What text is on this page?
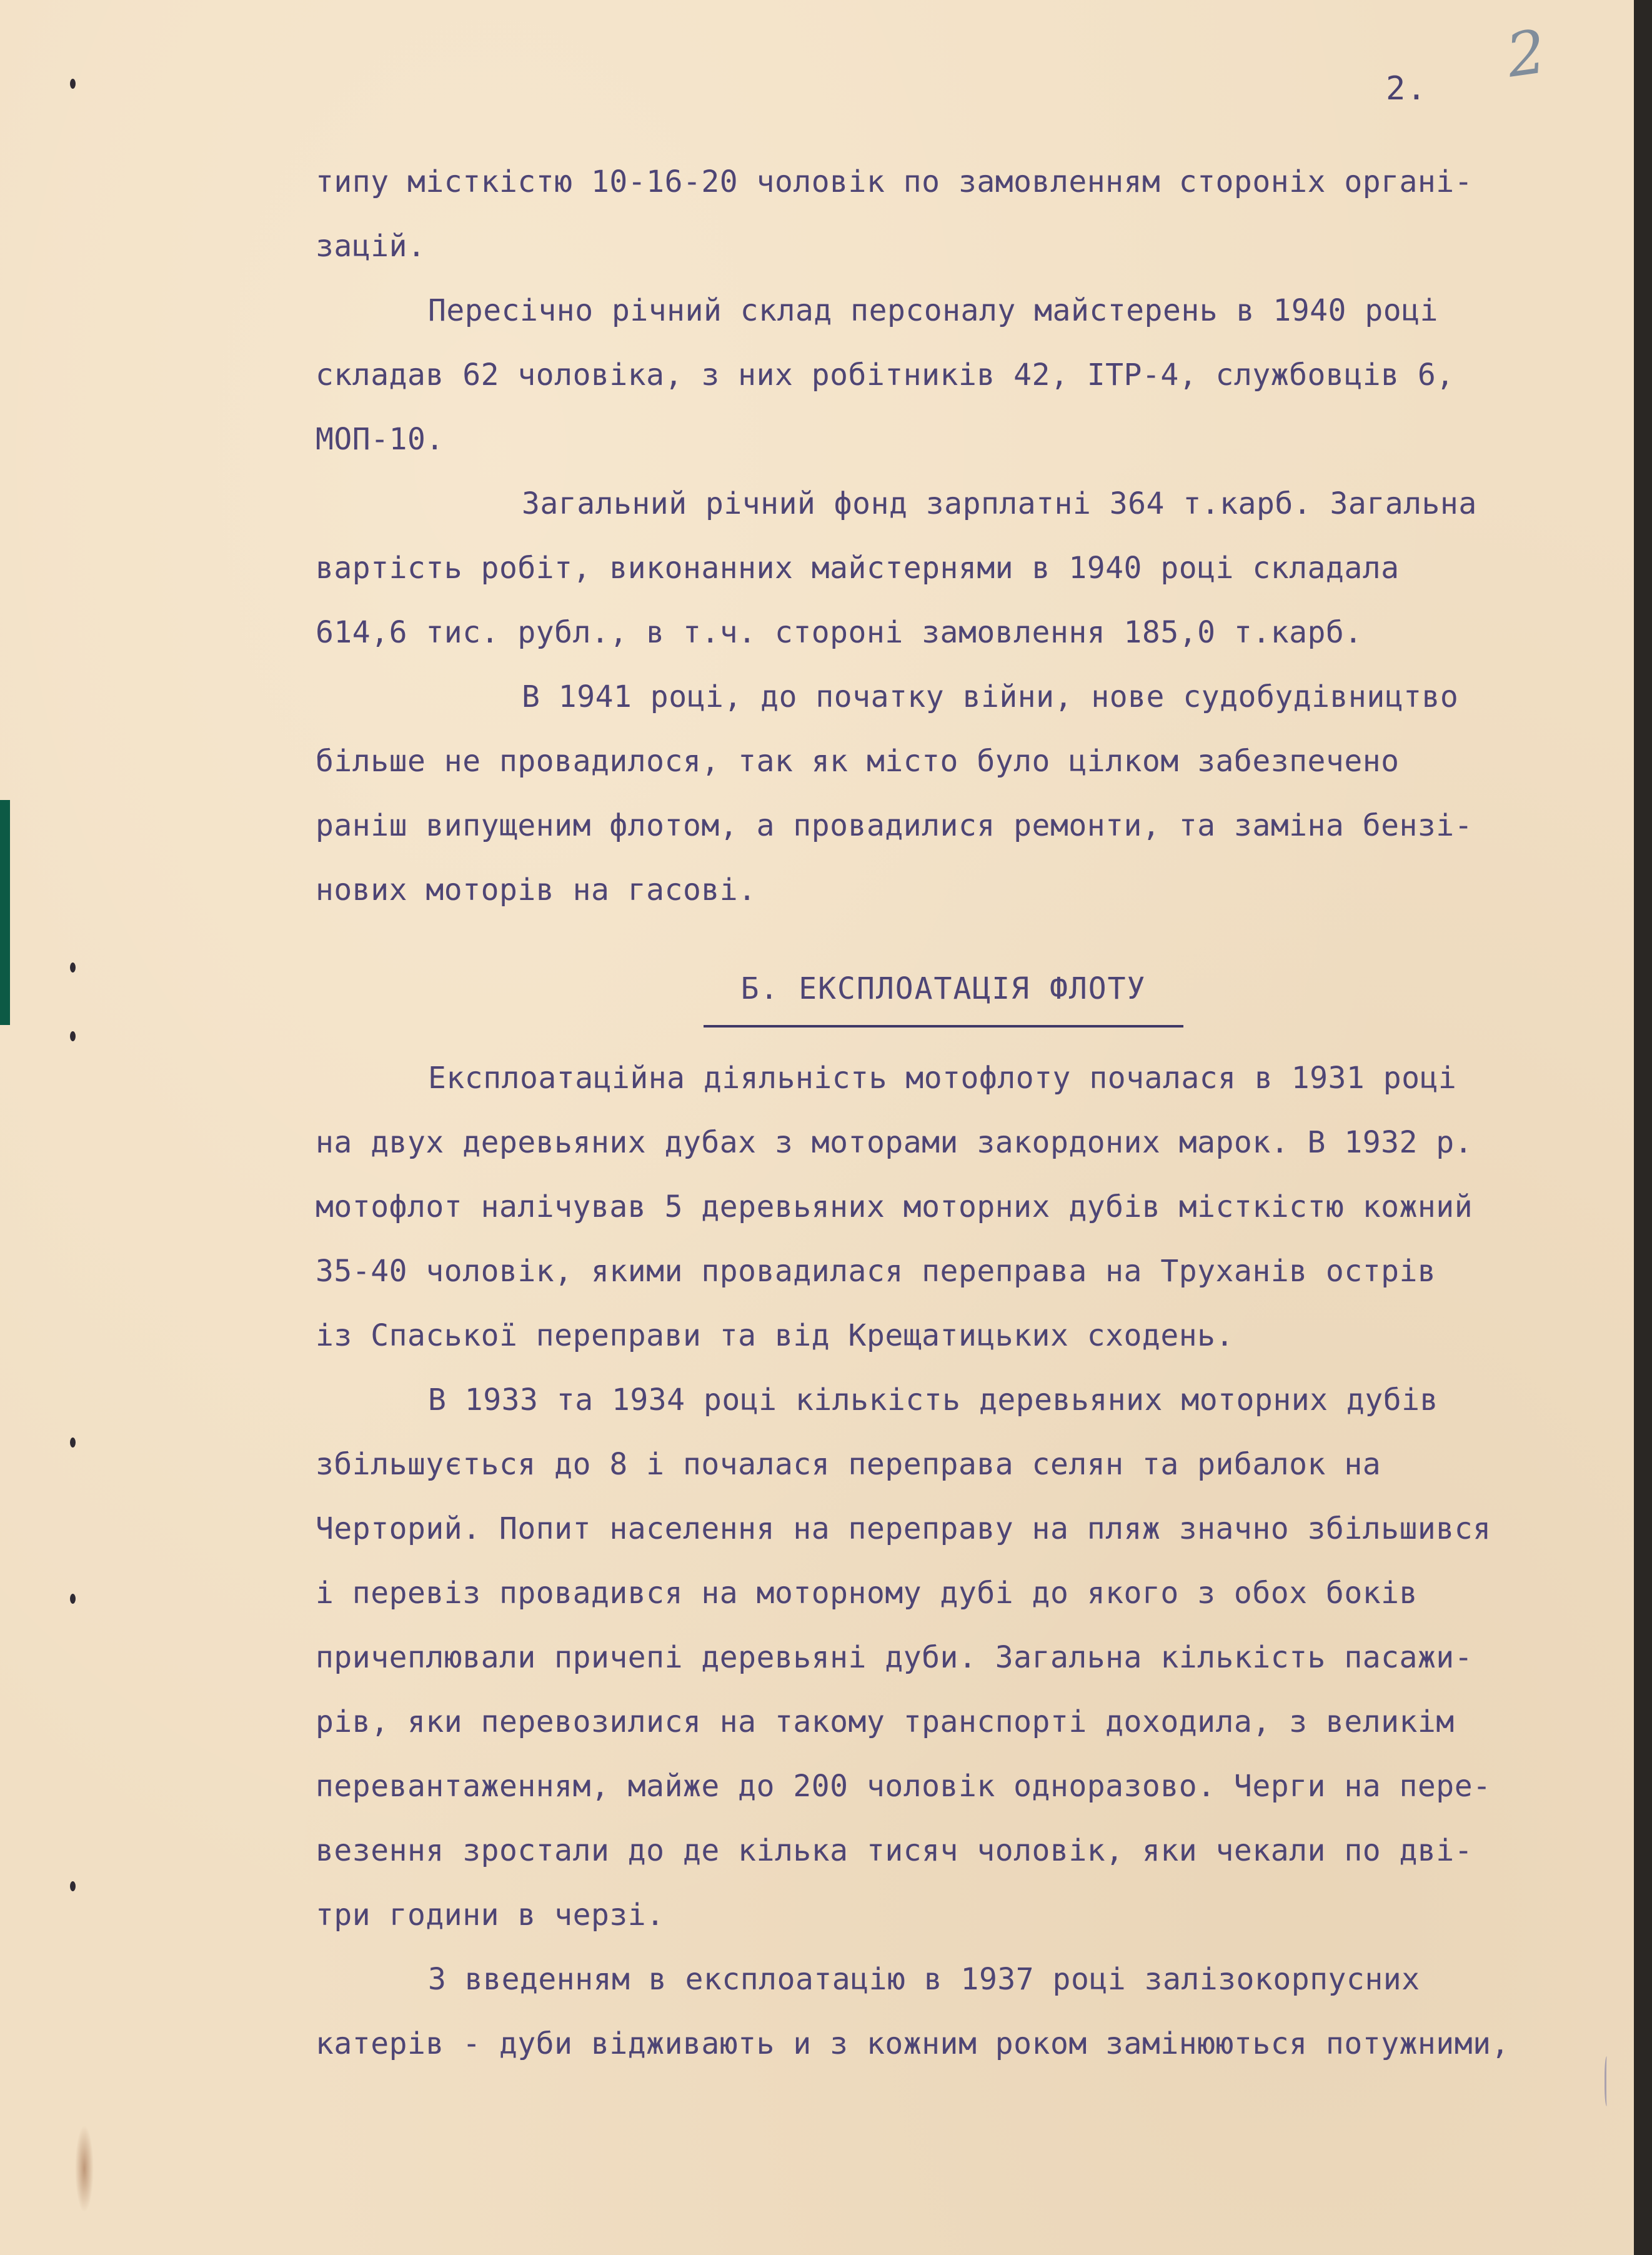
2
2.

типу місткістю 10-16-20 чоловік по замовленням стороніх органі-

зацій.

Пересічно річний склад персоналу майстерень в 1940 році

складав 62 чоловіка, з них робітників 42, ІТР-4, службовців 6,

МОП-10.

Загальний річний фонд зарплатні 364 т.карб. Загальна

вартість робіт, виконанних майстернями в 1940 році складала

614,6 тис. рубл., в т.ч. стороні замовлення 185,0 т.карб.

В 1941 році, до початку війни, нове судобудівництво

більше не провадилося, так як місто було цілком забезпечено

раніш випущеним флотом, а провадилися ремонти, та заміна бензі-

нових моторів на гасові.

Б. ЕКСПЛОАТАЦІЯ ФЛОТУ

Експлоатаційна діяльність мотофлоту почалася в 1931 році

на двух деревьяних дубах з моторами закордоних марок. В 1932 р.

мотофлот налічував 5 деревьяних моторних дубів місткістю кожний

35-40 чоловік, якими провадилася переправа на Труханів острів

із Спаської переправи та від Крещатицьких сходень.

В 1933 та 1934 році кількість деревьяних моторних дубів

збільшується до 8 і почалася переправа селян та рибалок на

Черторий. Попит населення на переправу на пляж значно збільшився

і перевіз провадився на моторному дубі до якого з обох боків

причеплювали причепі деревьяні дуби. Загальна кількість пасажи-

рів, яки перевозилися на такому транспорті доходила, з великім

перевантаженням, майже до 200 чоловік одноразово. Черги на пере-

везення зростали до де кілька тисяч чоловік, яки чекали по дві-

три години в черзі.

З введенням в експлоатацію в 1937 році залізокорпусних

катерів - дуби відживають и з кожним роком замінюються потужними,
